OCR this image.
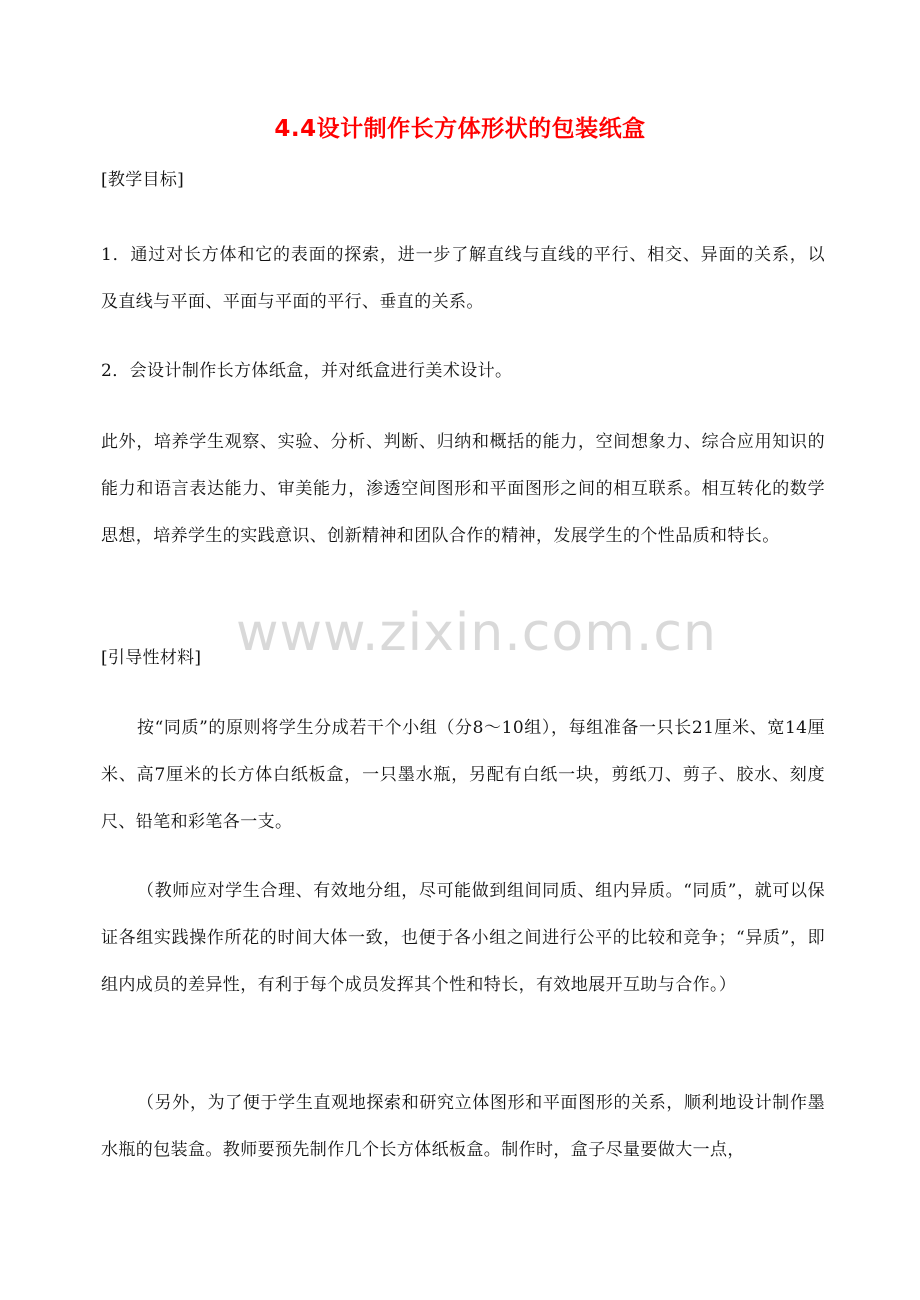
4.4设计制作长方体形状的包装纸盒
[教学目标]

1．通过对长方体和它的表面的探索，进一步了解直线与直线的平行、相交、异面的关系，以及直线与平面、平面与平面的平行、垂直的关系。

2．会设计制作长方体纸盒，并对纸盒进行美术设计。

此外，培养学生观察、实验、分析、判断、归纳和概括的能力，空间想象力、综合应用知识的能力和语言表达能力、审美能力，渗透空间图形和平面图形之间的相互联系。相互转化的数学思想，培养学生的实践意识、创新精神和团队合作的精神，发展学生的个性品质和特长。

www.zixin.com.cn
[引导性材料]

按“同质”的原则将学生分成若干个小组（分8～10组），每组准备一只长21厘米、宽14厘米、高7厘米的长方体白纸板盒，一只墨水瓶，另配有白纸一块，剪纸刀、剪子、胶水、刻度尺、铅笔和彩笔各一支。

（教师应对学生合理、有效地分组，尽可能做到组间同质、组内异质。“同质”，就可以保证各组实践操作所花的时间大体一致，也便于各小组之间进行公平的比较和竞争；“异质”，即组内成员的差异性，有利于每个成员发挥其个性和特长，有效地展开互助与合作。）

（另外，为了便于学生直观地探索和研究立体图形和平面图形的关系，顺利地设计制作墨水瓶的包装盒。教师要预先制作几个长方体纸板盒。制作时，盒子尽量要做大一点，
